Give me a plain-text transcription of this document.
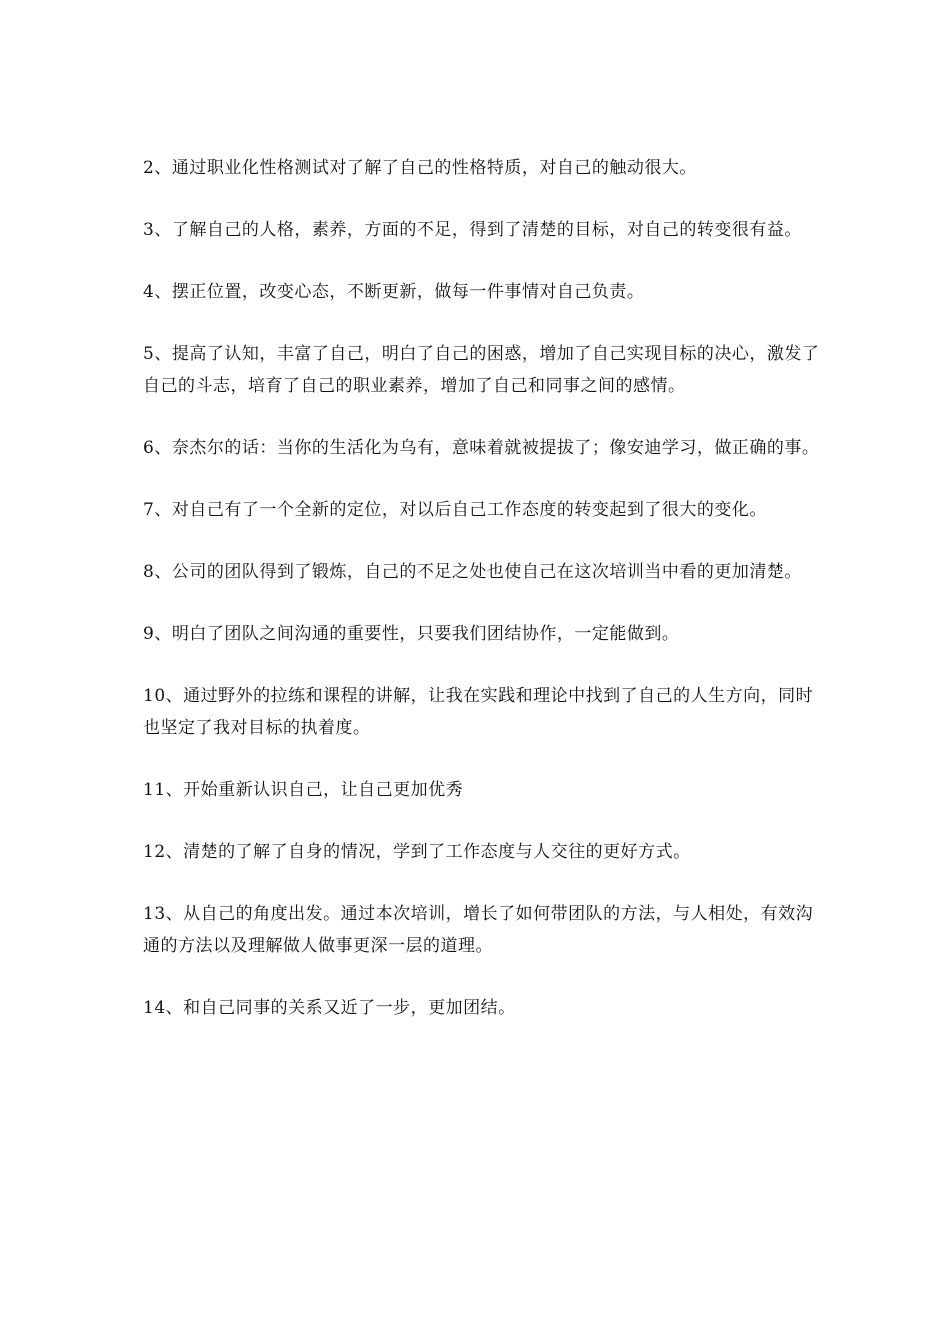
2、通过职业化性格测试对了解了自己的性格特质，对自己的触动很大。

3、了解自己的人格，素养，方面的不足，得到了清楚的目标，对自己的转变很有益。

4、摆正位置，改变心态，不断更新，做每一件事情对自己负责。

5、提高了认知，丰富了自己，明白了自己的困惑，增加了自己实现目标的决心，激发了自己的斗志，培育了自己的职业素养，增加了自己和同事之间的感情。

6、奈杰尔的话：当你的生活化为乌有，意味着就被提拔了；像安迪学习，做正确的事。

7、对自己有了一个全新的定位，对以后自己工作态度的转变起到了很大的变化。

8、公司的团队得到了锻炼，自己的不足之处也使自己在这次培训当中看的更加清楚。

9、明白了团队之间沟通的重要性，只要我们团结协作，一定能做到。

10、通过野外的拉练和课程的讲解，让我在实践和理论中找到了自己的人生方向，同时也坚定了我对目标的执着度。

11、开始重新认识自己，让自己更加优秀

12、清楚的了解了自身的情况，学到了工作态度与人交往的更好方式。

13、从自己的角度出发。通过本次培训，增长了如何带团队的方法，与人相处，有效沟通的方法以及理解做人做事更深一层的道理。

14、和自己同事的关系又近了一步，更加团结。
